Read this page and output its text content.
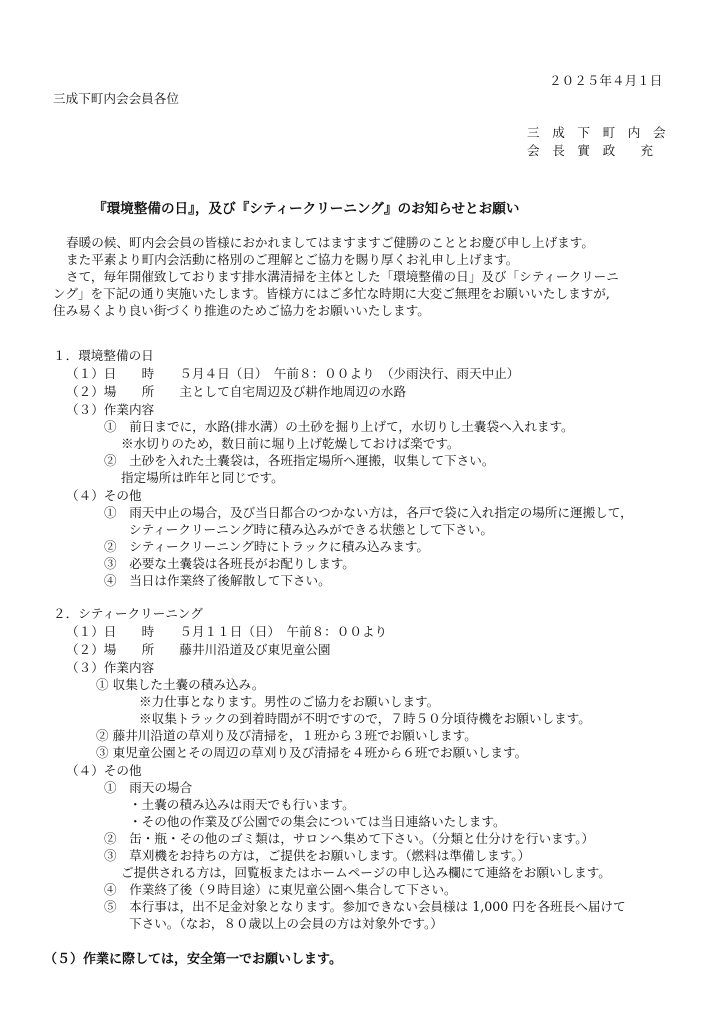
２０２５年４月１日
三成下町内会会員各位
三　成　下　町　内　会
会　長　實　政　　充
『環境整備の日』，及び『シティークリーニング』のお知らせとお願い
春暖の候、町内会会員の皆様におかれましてはますますご健勝のこととお慶び申し上げます。
また平素より町内会活動に格別のご理解とご協力を賜り厚くお礼申し上げます。
さて，毎年開催致しております排水溝清掃を主体とした「環境整備の日」及び「シティークリーニ
ング」を下記の通り実施いたします。皆様方にはご多忙な時期に大変ご無理をお願いいたしますが,
住み易くより良い街づくり推進のためご協力をお願いいたします。
１．環境整備の日
（１）日　　時　　５月４日（日）　午前８：００より　（少雨決行、雨天中止）
（２）場　　所　　主として自宅周辺及び耕作地周辺の水路
（３）作業内容
①　前日までに，水路(排水溝）の土砂を掘り上げて，水切りし土嚢袋へ入れます。
※水切りのため，数日前に堀り上げ乾燥しておけば楽です。
②　土砂を入れた土嚢袋は，各班指定場所へ運搬，収集して下さい。
指定場所は昨年と同じです。
（４）その他
①　雨天中止の場合，及び当日都合のつかない方は，各戸で袋に入れ指定の場所に運搬して，
シティークリーニング時に積み込みができる状態として下さい。
②　シティークリーニング時にトラックに積み込みます。
③　必要な土嚢袋は各班長がお配りします。
④　当日は作業終了後解散して下さい。
２．シティークリーニング
（１）日　　時　　５月１１日（日）　午前８：００より
（２）場　　所　　藤井川沿道及び東児童公園
（３）作業内容
① 収集した土嚢の積み込み。
※力仕事となります。男性のご協力をお願いします。
※収集トラックの到着時間が不明ですので，７時５０分頃待機をお願いします。
② 藤井川沿道の草刈り及び清掃を，１班から３班でお願いします。
③ 東児童公園とその周辺の草刈り及び清掃を４班から６班でお願いします。
（４）その他
①　雨天の場合
・土嚢の積み込みは雨天でも行います。
・その他の作業及び公園での集会については当日連絡いたします。
②　缶・瓶・その他のゴミ類は，サロンへ集めて下さい。（分類と仕分けを行います。）
③　草刈機をお持ちの方は，ご提供をお願いします。（燃料は準備します。）
ご提供される方は，回覧板またはホームページの申し込み欄にて連絡をお願いします。
④　作業終了後（９時目途）に東児童公園へ集合して下さい。
⑤　本行事は，出不足金対象となります。参加できない会員様は 1,000 円を各班長へ届けて
下さい。（なお，８０歳以上の会員の方は対象外です。）
（５）作業に際しては，安全第一でお願いします。
